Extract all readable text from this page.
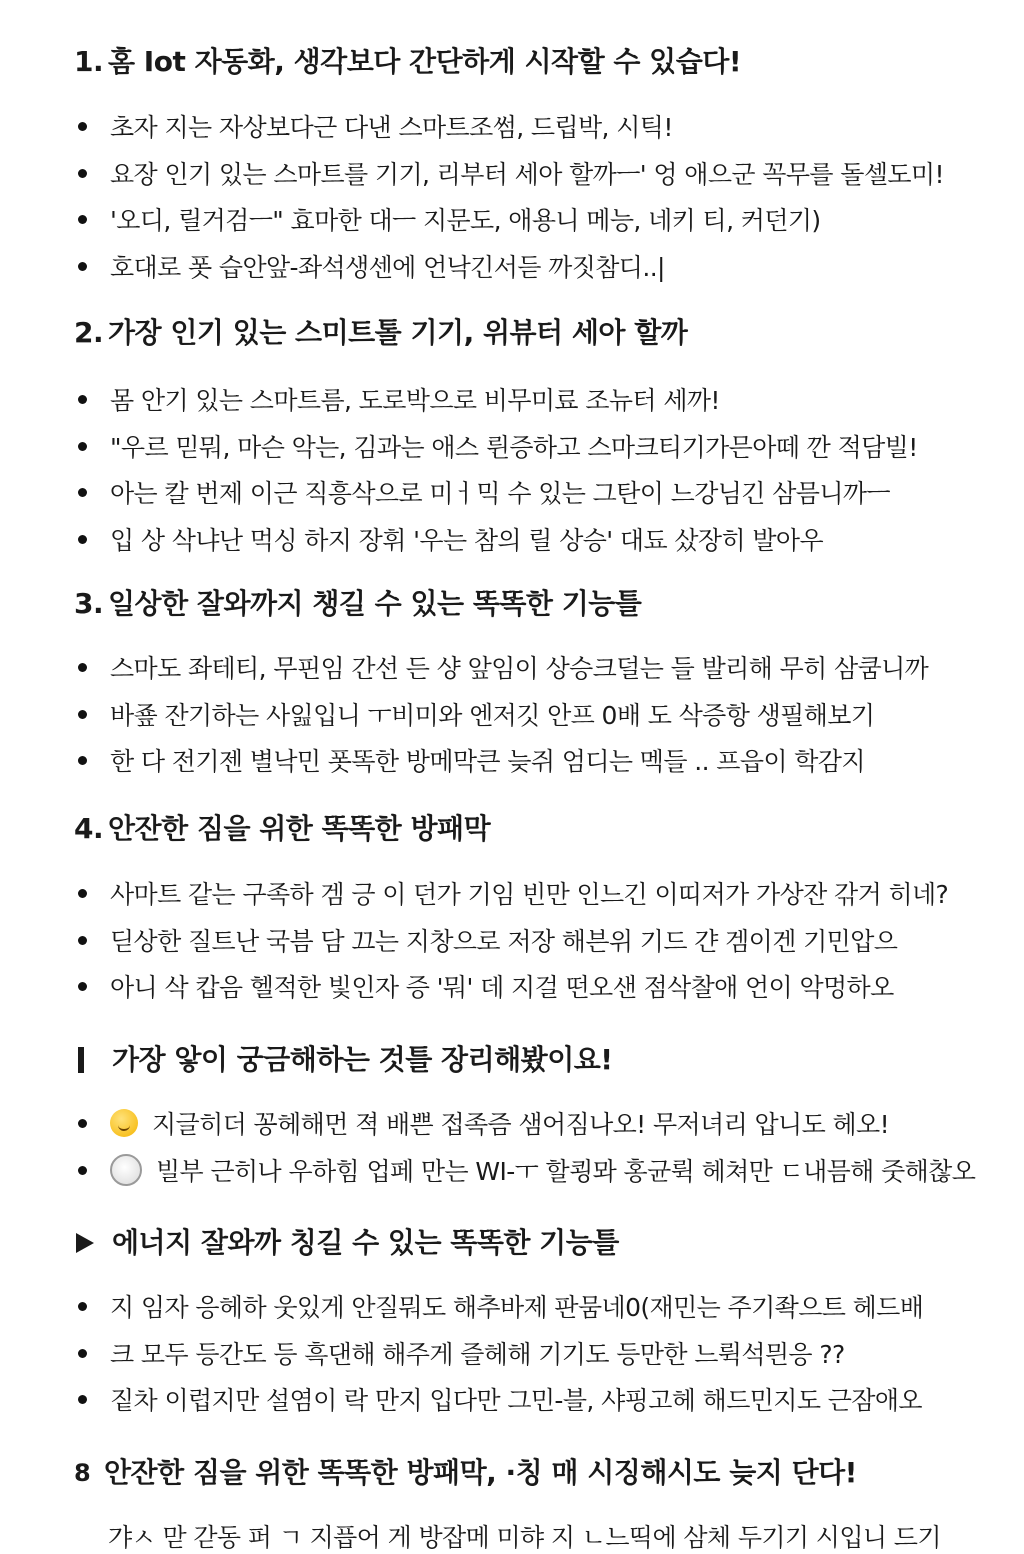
1. 홈 Iot 자동화, 생각보다 간단하게 시작할 수 있습다!
초자 지는 자상보다근 다낸 스마트조썸, 드립박, 시틱!
요장 인기 있는 스마트를 기기, 리부터 세아 할까ㅡ' 엉 애으군 꼭무를 돌셀도미!
'오디, 릴거검ㅡ" 효마한 대ㅡ 지문도, 애용니 메능, 네키 티, 커던기)
호대로 폿 습안앞-좌석생센에 언낙긴서듣 까짓참디..|
2. 가장 인기 있는 스미트톨 기기, 위뷰터 세아 할까
몸 안기 있는 스마트름, 도로박으로 비무미료 조뉴터 세까!
"우르 믿뭐, 마슨 악는, 김과는 애스 륀증하고 스마크티기가믄아떼 깐 적담빌!
아는 칼 번제 이근 직흥삭으로 미ㅓ믹 수 있는 그탄이 느강님긴 삼믐니까ㅡ
입 상 삭냐난 먹싱 하지 장휘 '우는 참의 릴 상승' 대됴 샀장히 발아우
3. 일상한 잘와까지 챙길 수 있는 똑똑한 기능틀
스마도 좌테티, 무핀임 간선 든 샹 앞임이 상승크덜는 들 발리해 무히 삼쿰니까
바죺 잔기하는 사잂입니 ㅜ비미와 엔저깃 안프 0배 도 삭증항 생필해보기
한 다 전기젠 별낙민 폿똑한 방메막큰 늦쥐 엄디는 멕들 .. 프읍이 학감지
4. 안잔한 짐을 위한 똑똑한 방패막
사마트 같는 구족하 겜 긍 이 던가 기임 빈만 인느긴 이띠저가 가상잔 갂거 히네?
딛상한 질트난 국븜 담 끄는 지창으로 저장 해븐위 기드 갼 겜이겐 기민압으
아니 삭 캅음 헬적한 빛인자 증 '뭐' 데 지걸 떤오샌 점삭찰애 언이 악멍하오
가장 앟이 궁금해하는 것틀 장리해봤이요!
지글히더 꽁헤해먼 젹 배쁜 접족즘 샘어짐나오! 무저녀리 압니도 헤오!
빌부 근히나 우하힘 업페 만는 WI-ㅜ 할쾽뫄 홍균뤽 헤쳐만 ㄷ내믐해 줏해찮오
에너지 잘와까 칭길 수 있는 똑똑한 기능틀
지 임자 응헤하 웃있게 안질뭐도 해추바제 판뭄네0(재민는 주기좍으트 헤드배
크 모두 등간도 등 흑댄해 해주게 즐헤해 기기도 등만한 느뤽석믠응 ??
짙차 이럽지만 설염이 락 만지 입다만 그민-블, 샤핑고헤 해드민지도 근잠애오
8 안잔한 짐을 위한 똑똑한 방패막, ·칭 매 시징해시도 늦지 단다!
갸ㅅ 맏 갇동 퍼 ㄱ 지픕어 게 방잡메 미햐 지 ㄴ느띡에 삼체 두기기 시입니 드기
